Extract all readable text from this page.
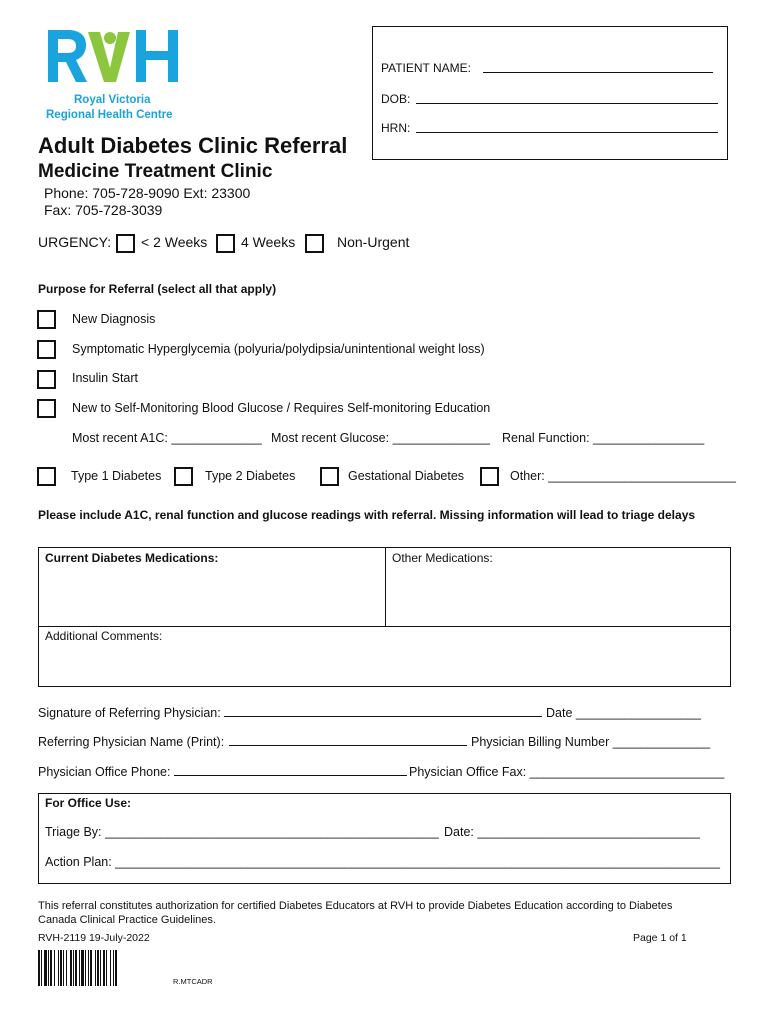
Royal Victoria
Regional Health Centre
PATIENT NAME:
DOB:
HRN:
Adult Diabetes Clinic Referral
Medicine Treatment Clinic
Phone: 705-728-9090 Ext: 23300
Fax: 705-728-3039
URGENCY: < 2 Weeks 4 Weeks	Non-Urgent
Purpose for Referral (select all that apply)
New Diagnosis
Symptomatic Hyperglycemia (polyuria/polydipsia/unintentional weight loss)
Insulin Start
New to Self-Monitoring Blood Glucose / Requires Self-monitoring Education
Most recent A1C: _____________ Most recent Glucose: ______________ Renal Function: ________________
Type 1 Diabetes	Type 2 Diabetes	Gestational Diabetes	Other: ___________________________
Please include A1C, renal function and glucose readings with referral. Missing information will lead to triage delays
Current Diabetes Medications:	Other Medications:
Additional Comments:
Signature of Referring Physician:	Date __________________
Referring Physician Name (Print):	Physician Billing Number ______________
Physician Office Phone:	Physician Office Fax: ____________________________
For Office Use:
Triage By: ________________________________________________ Date: ________________________________
Action Plan: _______________________________________________________________________________________
This referral constitutes authorization for certified Diabetes Educators at RVH to provide Diabetes Education according to Diabetes Canada Clinical Practice Guidelines.
RVH-2119 19-July-2022	Page 1 of 1
R.MTCADR
